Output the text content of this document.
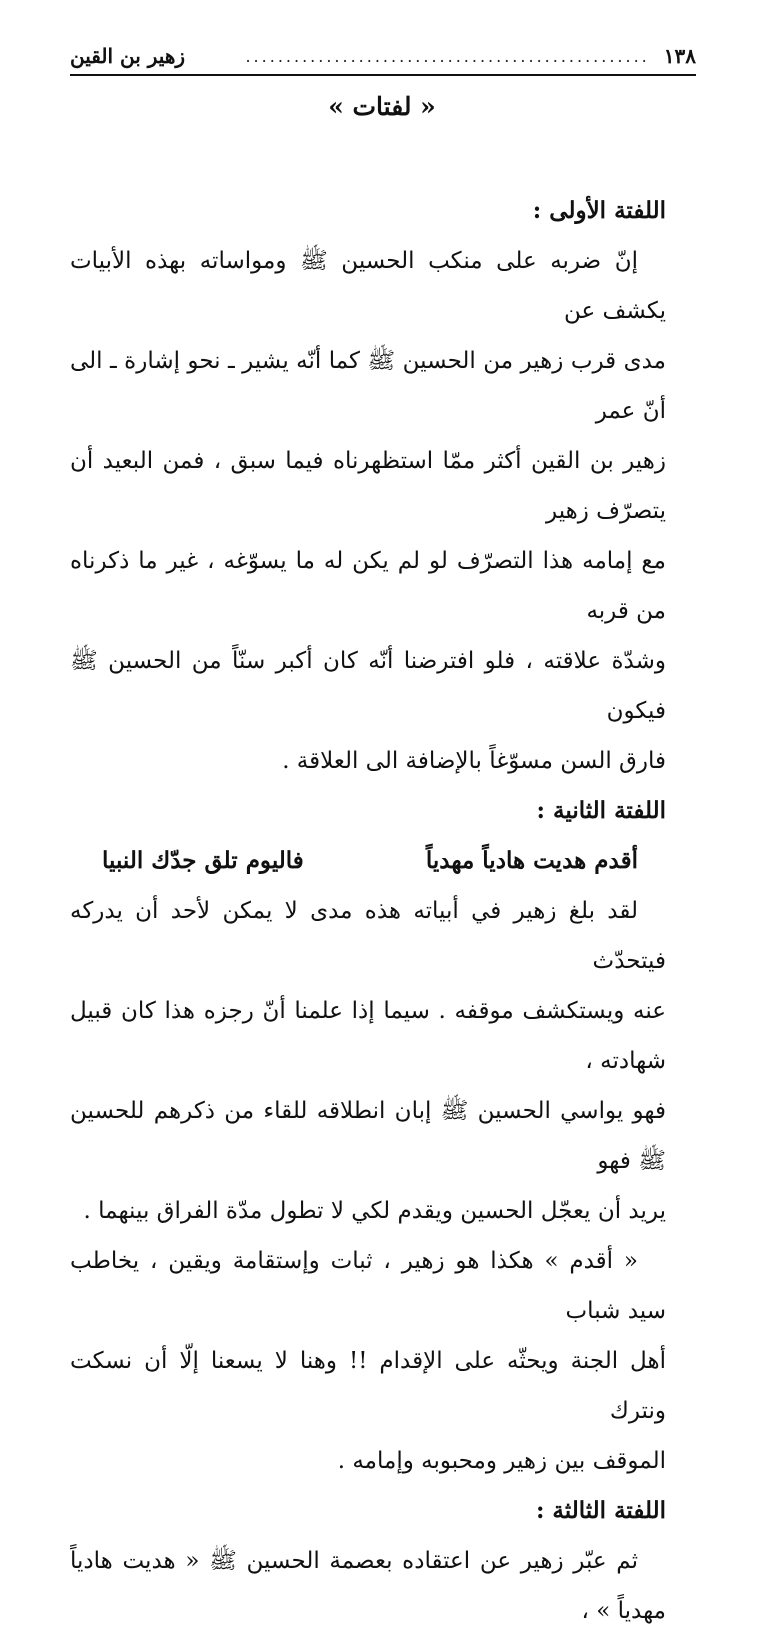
١٣٨
..................................................
زهير بن القين
« لفتات »

اللفتة الأولى :

إنّ ضربه على منكب الحسين ﷺ ومواساته بهذه الأبيات يكشف عن

مدى قرب زهير من الحسين ﷺ كما أنّه يشير ـ نحو إشارة ـ الى أنّ عمر

زهير بن القين أكثر ممّا استظهرناه فيما سبق ، فمن البعيد أن يتصرّف زهير

مع إمامه هذا التصرّف لو لم يكن له ما يسوّغه ، غير ما ذكرناه من قربه

وشدّة علاقته ، فلو افترضنا أنّه كان أكبر سنّاً من الحسين ﷺ فيكون

فارق السن مسوّغاً بالإضافة الى العلاقة .

اللفتة الثانية :

أقدم هديت هادياً مهدياً
فاليوم تلق جدّك النبيا

لقد بلغ زهير في أبياته هذه مدى لا يمكن لأحد أن يدركه فيتحدّث

عنه ويستكشف موقفه . سيما إذا علمنا أنّ رجزه هذا كان قبيل شهادته ،

فهو يواسي الحسين ﷺ إبان انطلاقه للقاء من ذكرهم للحسين ﷺ فهو

يريد أن يعجّل الحسين ويقدم لكي لا تطول مدّة الفراق بينهما .

« أقدم » هكذا هو زهير ، ثبات وإستقامة ويقين ، يخاطب سيد شباب

أهل الجنة ويحثّه على الإقدام !! وهنا لا يسعنا إلّا أن نسكت ونترك

الموقف بين زهير ومحبوبه وإمامه .

اللفتة الثالثة :

ثم عبّر زهير عن اعتقاده بعصمة الحسين ﷺ « هديت هادياً مهدياً » ،
